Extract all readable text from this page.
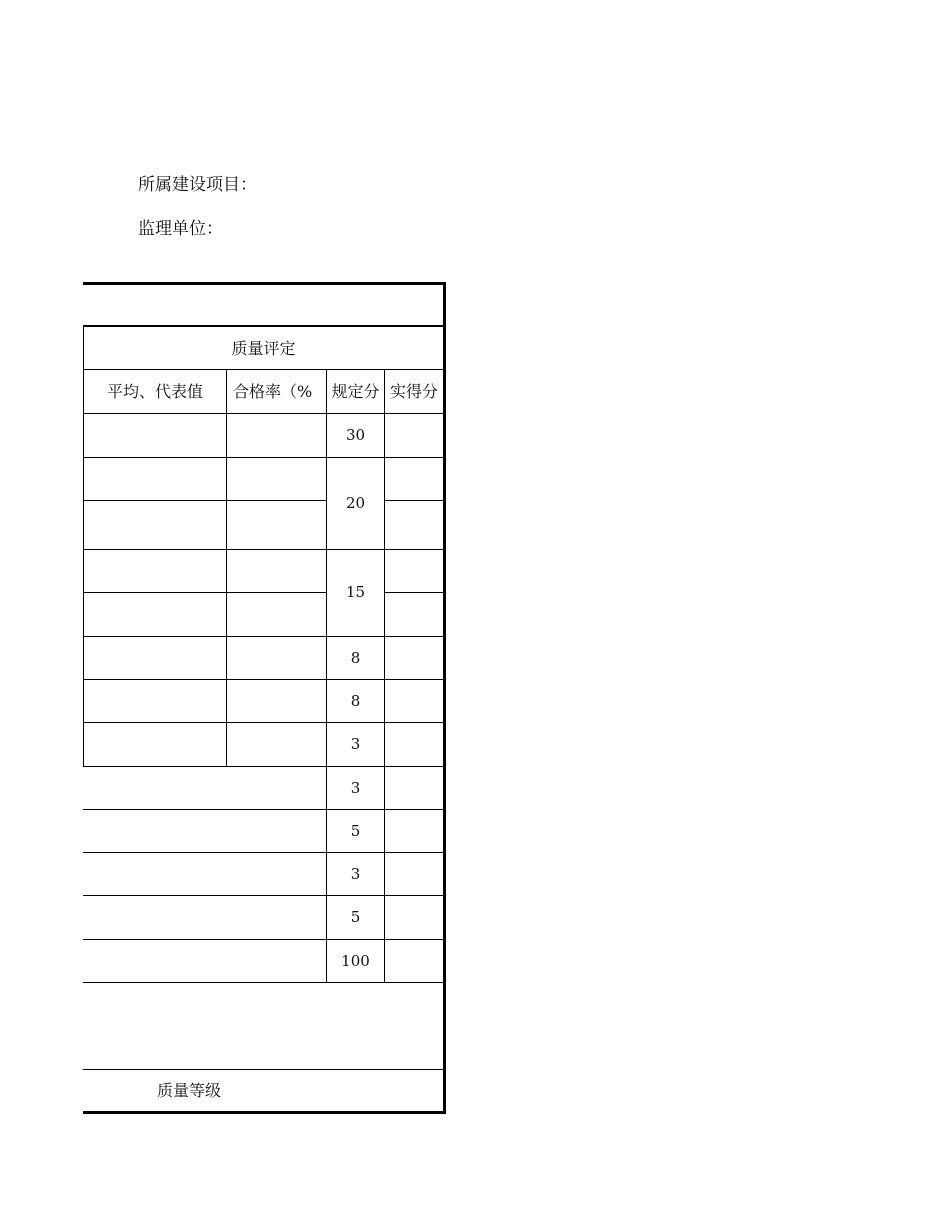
所属建设项目：
监理单位：
质量评定
平均、代表值	合格率（%	规定分 实得分
30
20
15
8
8
3
3
5
3
5
100
质量等级
